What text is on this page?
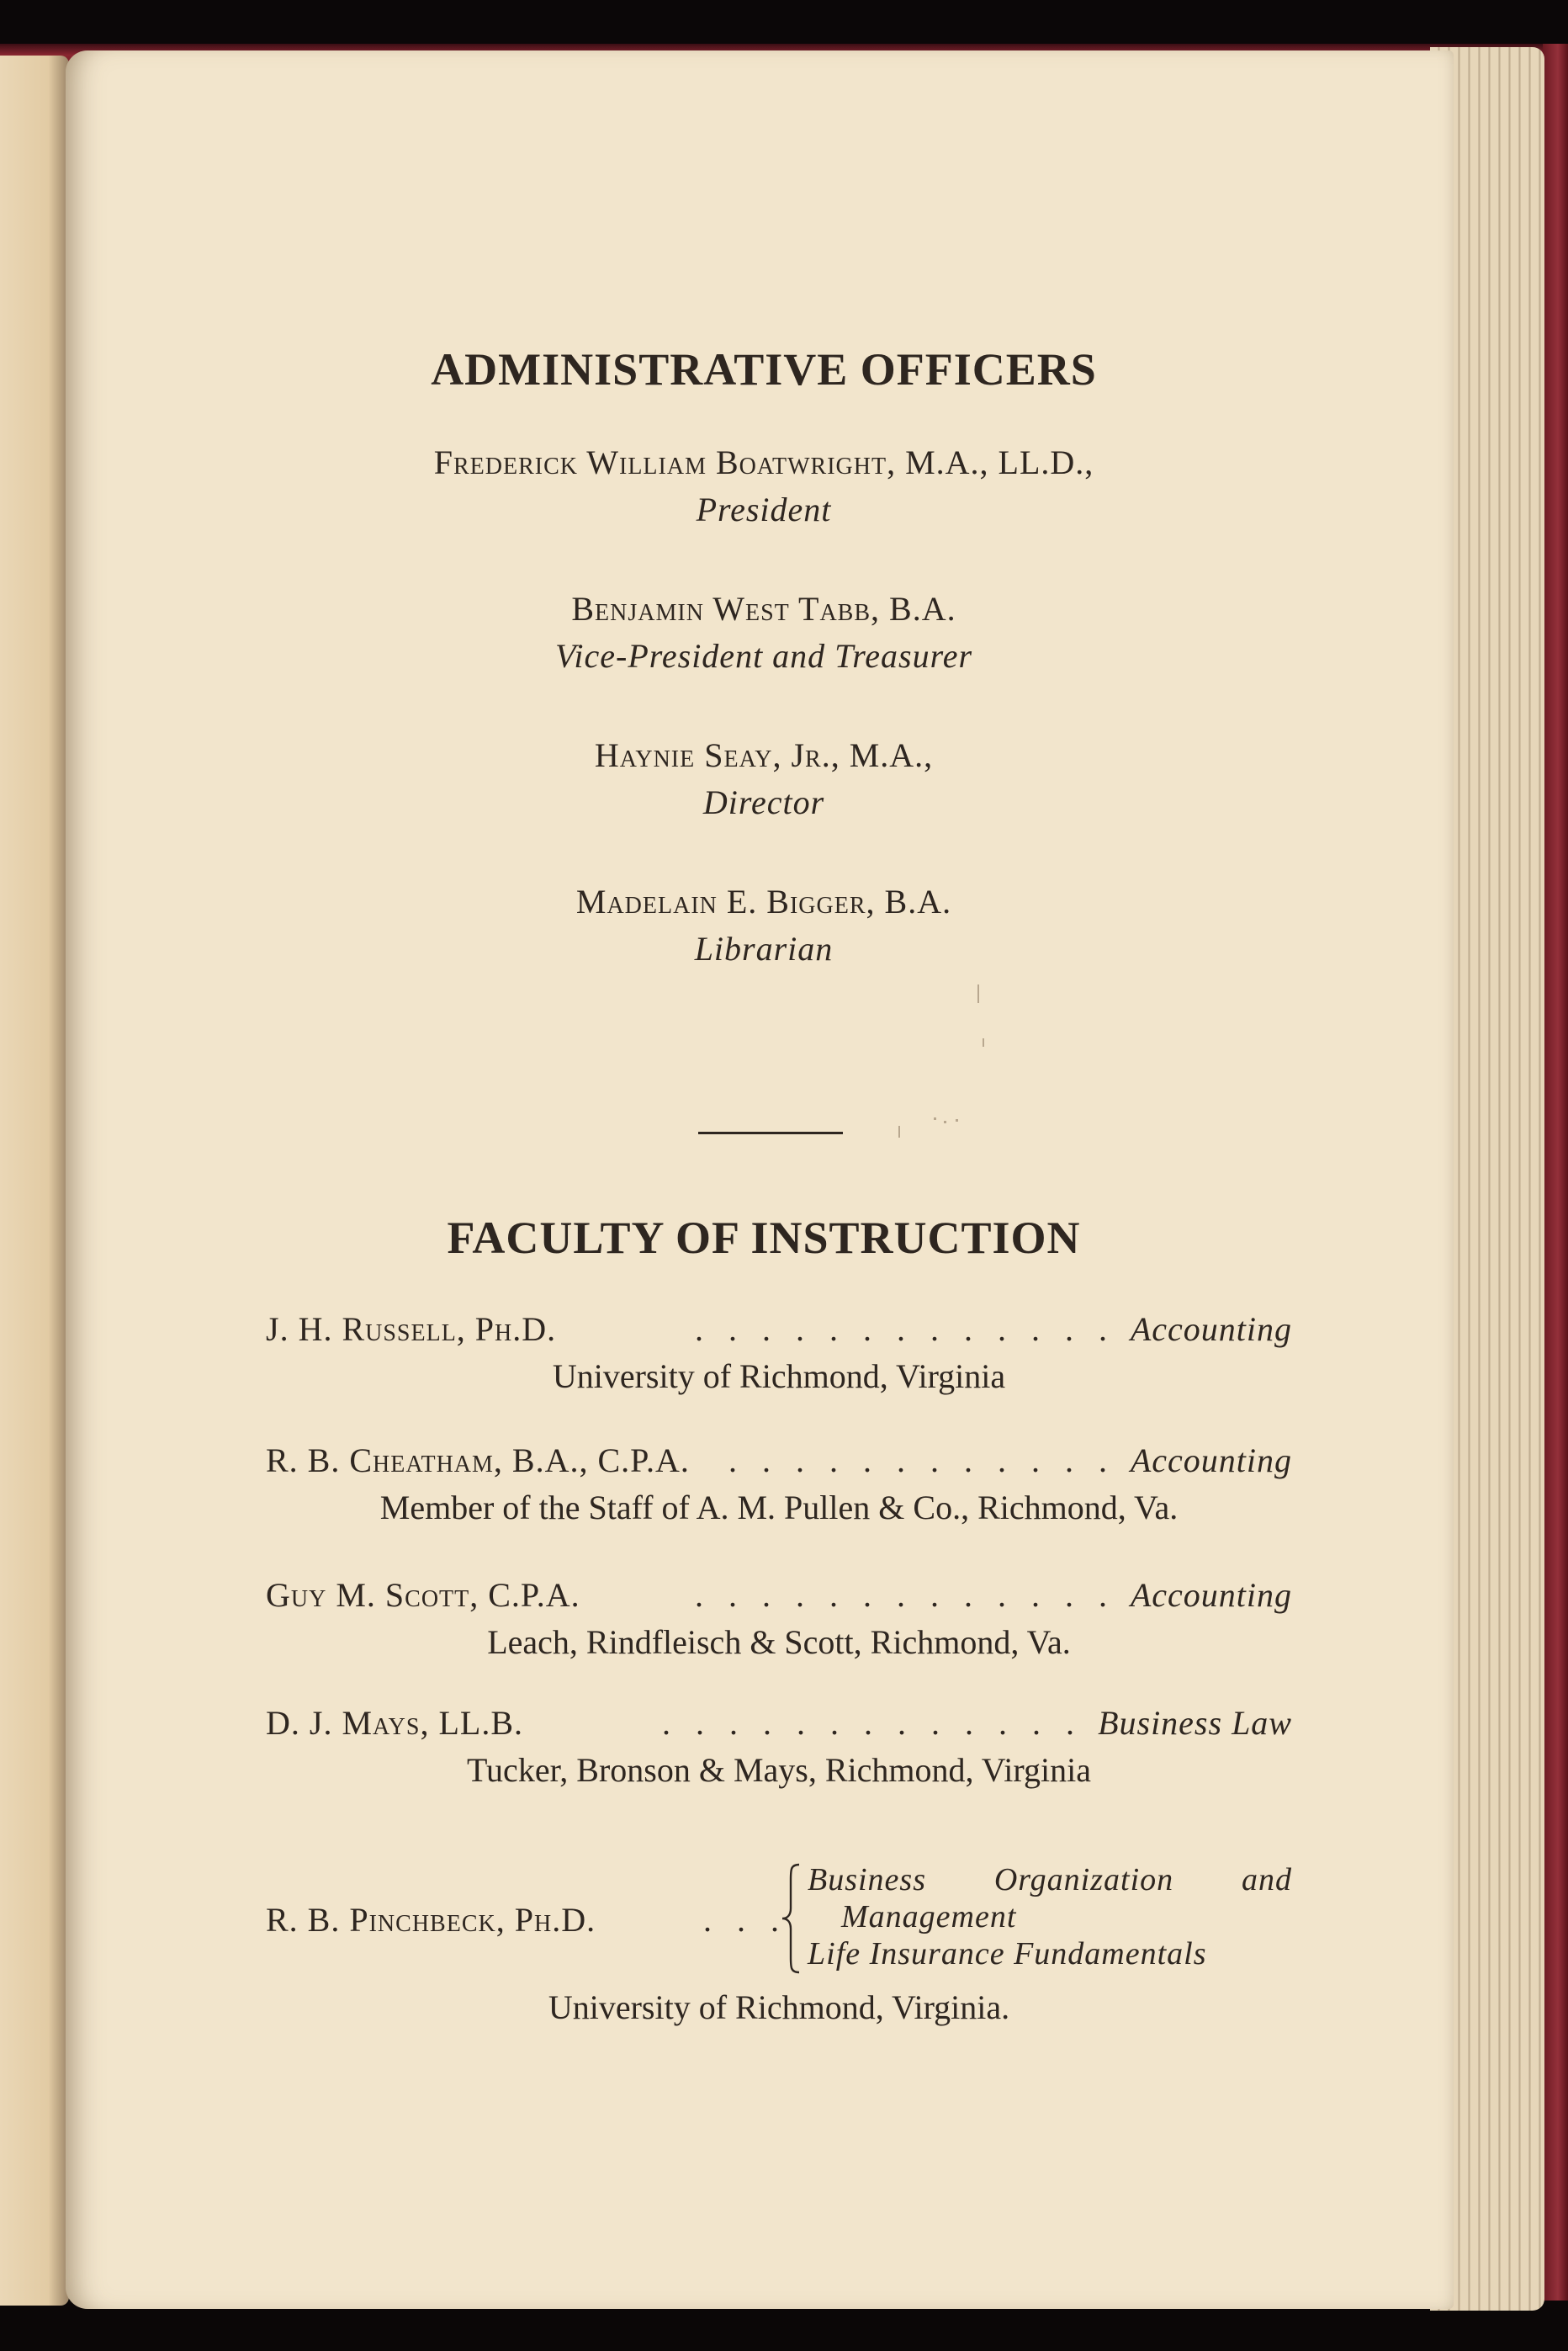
ADMINISTRATIVE OFFICERS
Frederick William Boatwright, M.A., LL.D.,
President
Benjamin West Tabb, B.A.
Vice-President and Treasurer
Haynie Seay, Jr., M.A.,
Director
Madelain E. Bigger, B.A.
Librarian
FACULTY OF INSTRUCTION
J. H. Russell, Ph.D.	. . . . . . . . . . . . . Accounting
University of Richmond, Virginia
R. B. Cheatham, B.A., C.P.A.	. . . . . . . . . . . . Accounting
Member of the Staff of A. M. Pullen & Co., Richmond, Va.
Guy M. Scott, C.P.A.	. . . . . . . . . . . . . Accounting
Leach, Rindfleisch & Scott, Richmond, Va.
D. J. Mays, LL.B.	. . . . . . . . . . . . . Business Law
Tucker, Bronson & Mays, Richmond, Virginia
R. B. Pinchbeck, Ph.D.	. . .
Business Organization and
Management
Life Insurance Fundamentals
University of Richmond, Virginia.
